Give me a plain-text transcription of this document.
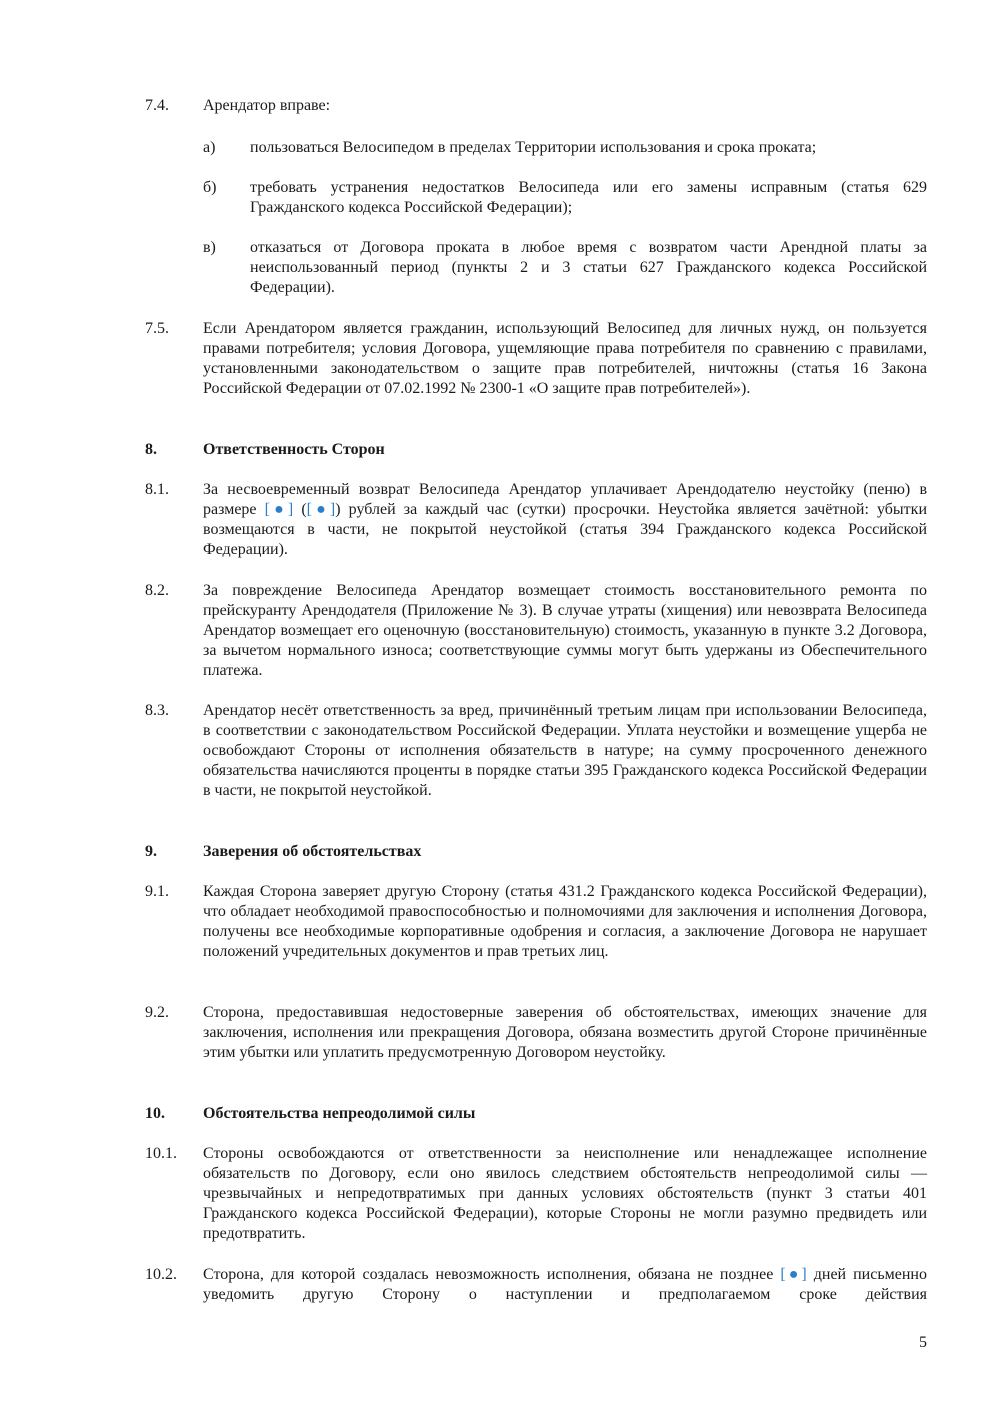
7.4.	Арендатор вправе:
а)	пользоваться Велосипедом в пределах Территории использования и срока проката;
б)	требовать устранения недостатков Велосипеда или его замены исправным (статья 629 Гражданского кодекса Российской Федерации);
в)	отказаться от Договора проката в любое время с возвратом части Арендной платы за неиспользованный период (пункты 2 и 3 статьи 627 Гражданского кодекса Российской Федерации).
7.5.	Если Арендатором является гражданин, использующий Велосипед для личных нужд, он пользуется правами потребителя; условия Договора, ущемляющие права потребителя по сравнению с правилами, установленными законодательством о защите прав потребителей, ничтожны (статья 16 Закона Российской Федерации от 07.02.1992 № 2300-1 «О защите прав потребителей»).
8.	Ответственность Сторон
8.1.	За несвоевременный возврат Велосипеда Арендатор уплачивает Арендодателю неустойку (пеню) в размере [●] ([●]) рублей за каждый час (сутки) просрочки. Неустойка является зачётной: убытки возмещаются в части, не покрытой неустойкой (статья 394 Гражданского кодекса Российской Федерации).
8.2.	За повреждение Велосипеда Арендатор возмещает стоимость восстановительного ремонта по прейскуранту Арендодателя (Приложение № 3). В случае утраты (хищения) или невозврата Велосипеда Арендатор возмещает его оценочную (восстановительную) стоимость, указанную в пункте 3.2 Договора, за вычетом нормального износа; соответствующие суммы могут быть удержаны из Обеспечительного платежа.
8.3.	Арендатор несёт ответственность за вред, причинённый третьим лицам при использовании Велосипеда, в соответствии с законодательством Российской Федерации. Уплата неустойки и возмещение ущерба не освобождают Стороны от исполнения обязательств в натуре; на сумму просроченного денежного обязательства начисляются проценты в порядке статьи 395 Гражданского кодекса Российской Федерации в части, не покрытой неустойкой.
9.	Заверения об обстоятельствах
9.1.	Каждая Сторона заверяет другую Сторону (статья 431.2 Гражданского кодекса Российской Федерации), что обладает необходимой правоспособностью и полномочиями для заключения и исполнения Договора, получены все необходимые корпоративные одобрения и согласия, а заключение Договора не нарушает положений учредительных документов и прав третьих лиц.
9.2.	Сторона, предоставившая недостоверные заверения об обстоятельствах, имеющих значение для заключения, исполнения или прекращения Договора, обязана возместить другой Стороне причинённые этим убытки или уплатить предусмотренную Договором неустойку.
10.	Обстоятельства непреодолимой силы
10.1.	Стороны освобождаются от ответственности за неисполнение или ненадлежащее исполнение обязательств по Договору, если оно явилось следствием обстоятельств непреодолимой силы — чрезвычайных и непредотвратимых при данных условиях обстоятельств (пункт 3 статьи 401 Гражданского кодекса Российской Федерации), которые Стороны не могли разумно предвидеть или предотвратить.
10.2.	Сторона, для которой создалась невозможность исполнения, обязана не позднее [●] дней письменно уведомить другую Сторону о наступлении и предполагаемом сроке действия
5
